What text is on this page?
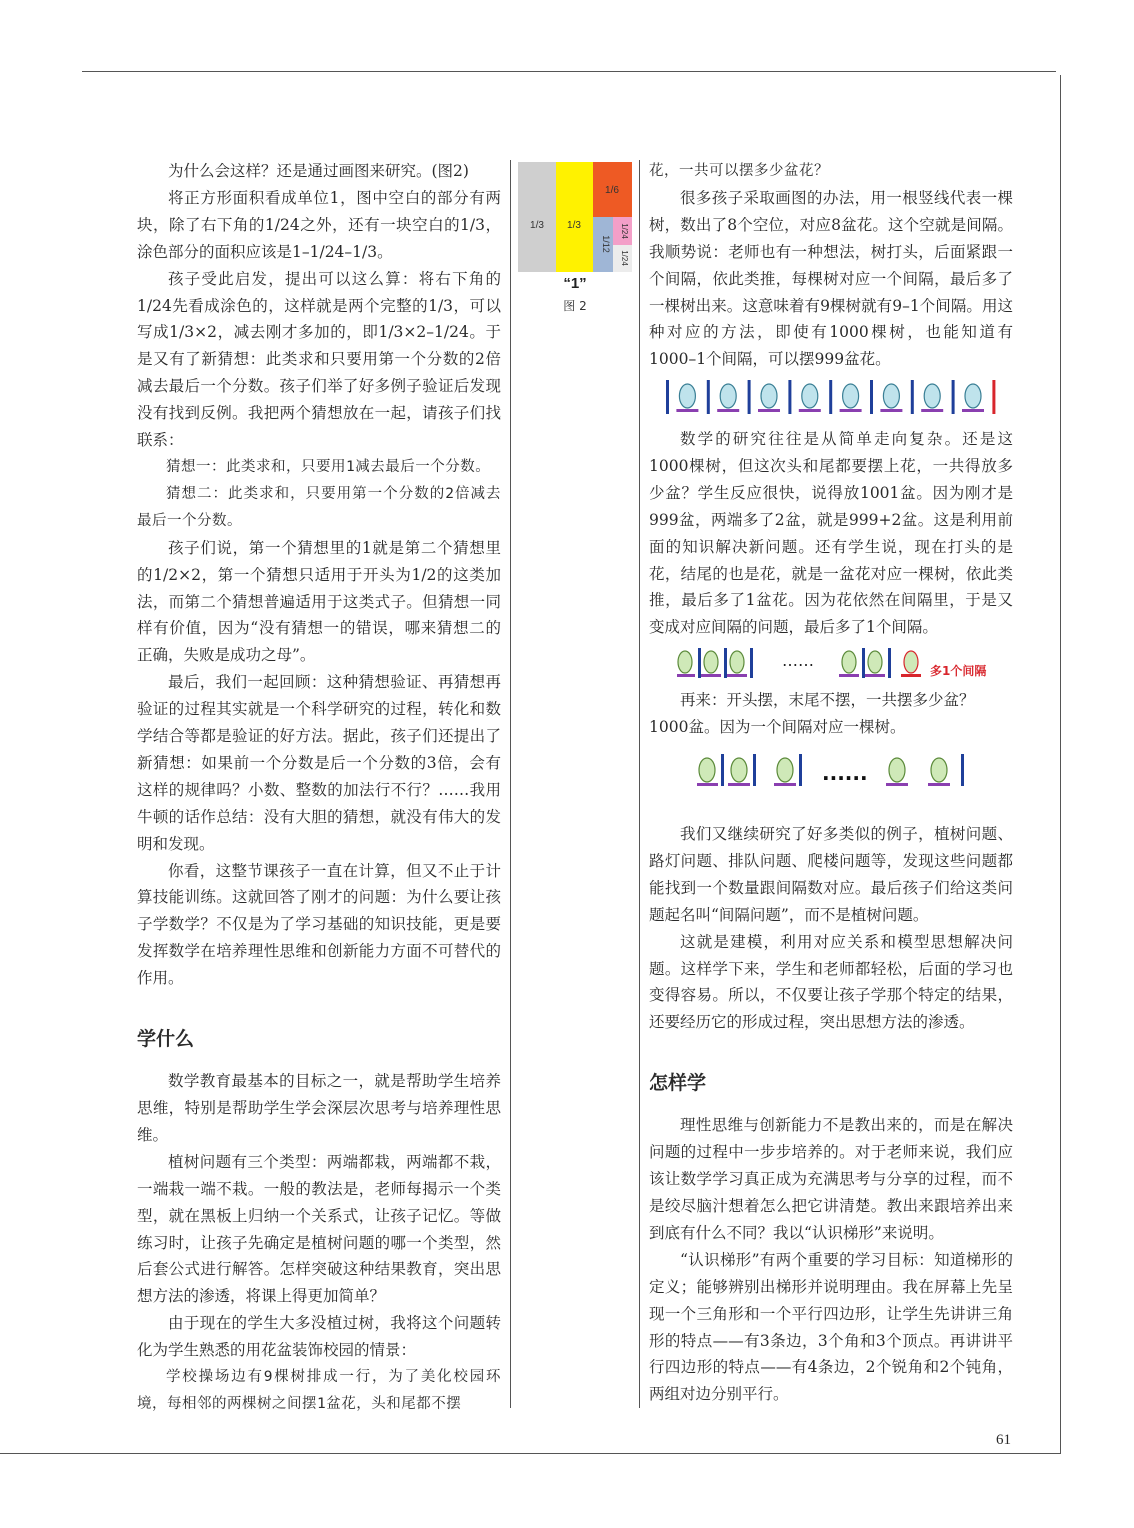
为什么会这样？还是通过画图来研究。(图2)

将正方形面积看成单位1，图中空白的部分有两块，除了右下角的1/24之外，还有一块空白的1/3，涂色部分的面积应该是1–1/24–1/3。

孩子受此启发，提出可以这么算：将右下角的1/24先看成涂色的，这样就是两个完整的1/3，可以写成1/3×2，减去刚才多加的，即1/3×2–1/24。于是又有了新猜想：此类求和只要用第一个分数的2倍减去最后一个分数。孩子们举了好多例子验证后发现没有找到反例。我把两个猜想放在一起，请孩子们找联系：

猜想一：此类求和，只要用1减去最后一个分数。

猜想二：此类求和，只要用第一个分数的2倍减去最后一个分数。

孩子们说，第一个猜想里的1就是第二个猜想里的1/2×2，第一个猜想只适用于开头为1/2的这类加法，而第二个猜想普遍适用于这类式子。但猜想一同样有价值，因为“没有猜想一的错误，哪来猜想二的正确，失败是成功之母”。

最后，我们一起回顾：这种猜想验证、再猜想再验证的过程其实就是一个科学研究的过程，转化和数学结合等都是验证的好方法。据此，孩子们还提出了新猜想：如果前一个分数是后一个分数的3倍，会有这样的规律吗？小数、整数的加法行不行？……我用牛顿的话作总结：没有大胆的猜想，就没有伟大的发明和发现。

你看，这整节课孩子一直在计算，但又不止于计算技能训练。这就回答了刚才的问题：为什么要让孩子学数学？不仅是为了学习基础的知识技能，更是要发挥数学在培养理性思维和创新能力方面不可替代的作用。

学什么

数学教育最基本的目标之一，就是帮助学生培养思维，特别是帮助学生学会深层次思考与培养理性思维。

植树问题有三个类型：两端都栽，两端都不栽，一端栽一端不栽。一般的教法是，老师每揭示一个类型，就在黑板上归纳一个关系式，让孩子记忆。等做练习时，让孩子先确定是植树问题的哪一个类型，然后套公式进行解答。怎样突破这种结果教育，突出思想方法的渗透，将课上得更加简单？

由于现在的学生大多没植过树，我将这个问题转化为学生熟悉的用花盆装饰校园的情景：

学校操场边有9棵树排成一行，为了美化校园环境，每相邻的两棵树之间摆1盆花，头和尾都不摆

1/3 1/3
1/6
1/12
1/24
1/24
“1”
图 2

花，一共可以摆多少盆花？

很多孩子采取画图的办法，用一根竖线代表一棵树，数出了8个空位，对应8盆花。这个空就是间隔。我顺势说：老师也有一种想法，树打头，后面紧跟一个间隔，依此类推，每棵树对应一个间隔，最后多了一棵树出来。这意味着有9棵树就有9–1个间隔。用这种对应的方法，即使有1000棵树，也能知道有1000–1个间隔，可以摆999盆花。

数学的研究往往是从简单走向复杂。还是这1000棵树，但这次头和尾都要摆上花，一共得放多少盆？学生反应很快，说得放1001盆。因为刚才是999盆，两端多了2盆，就是999+2盆。这是利用前面的知识解决新问题。还有学生说，现在打头的是花，结尾的也是花，就是一盆花对应一棵树，依此类推，最后多了1盆花。因为花依然在间隔里，于是又变成对应间隔的问题，最后多了1个间隔。

……
多1个间隔

再来：开头摆，末尾不摆，一共摆多少盆？

1000盆。因为一个间隔对应一棵树。

......

我们又继续研究了好多类似的例子，植树问题、路灯问题、排队问题、爬楼问题等，发现这些问题都能找到一个数量跟间隔数对应。最后孩子们给这类问题起名叫“间隔问题”，而不是植树问题。

这就是建模，利用对应关系和模型思想解决问题。这样学下来，学生和老师都轻松，后面的学习也变得容易。所以，不仅要让孩子学那个特定的结果，还要经历它的形成过程，突出思想方法的渗透。

怎样学

理性思维与创新能力不是教出来的，而是在解决问题的过程中一步步培养的。对于老师来说，我们应该让数学学习真正成为充满思考与分享的过程，而不是绞尽脑汁想着怎么把它讲清楚。教出来跟培养出来到底有什么不同？我以“认识梯形”来说明。

“认识梯形”有两个重要的学习目标：知道梯形的定义；能够辨别出梯形并说明理由。我在屏幕上先呈现一个三角形和一个平行四边形，让学生先讲讲三角形的特点——有3条边，3个角和3个顶点。再讲讲平行四边形的特点——有4条边，2个锐角和2个钝角，两组对边分别平行。

61
